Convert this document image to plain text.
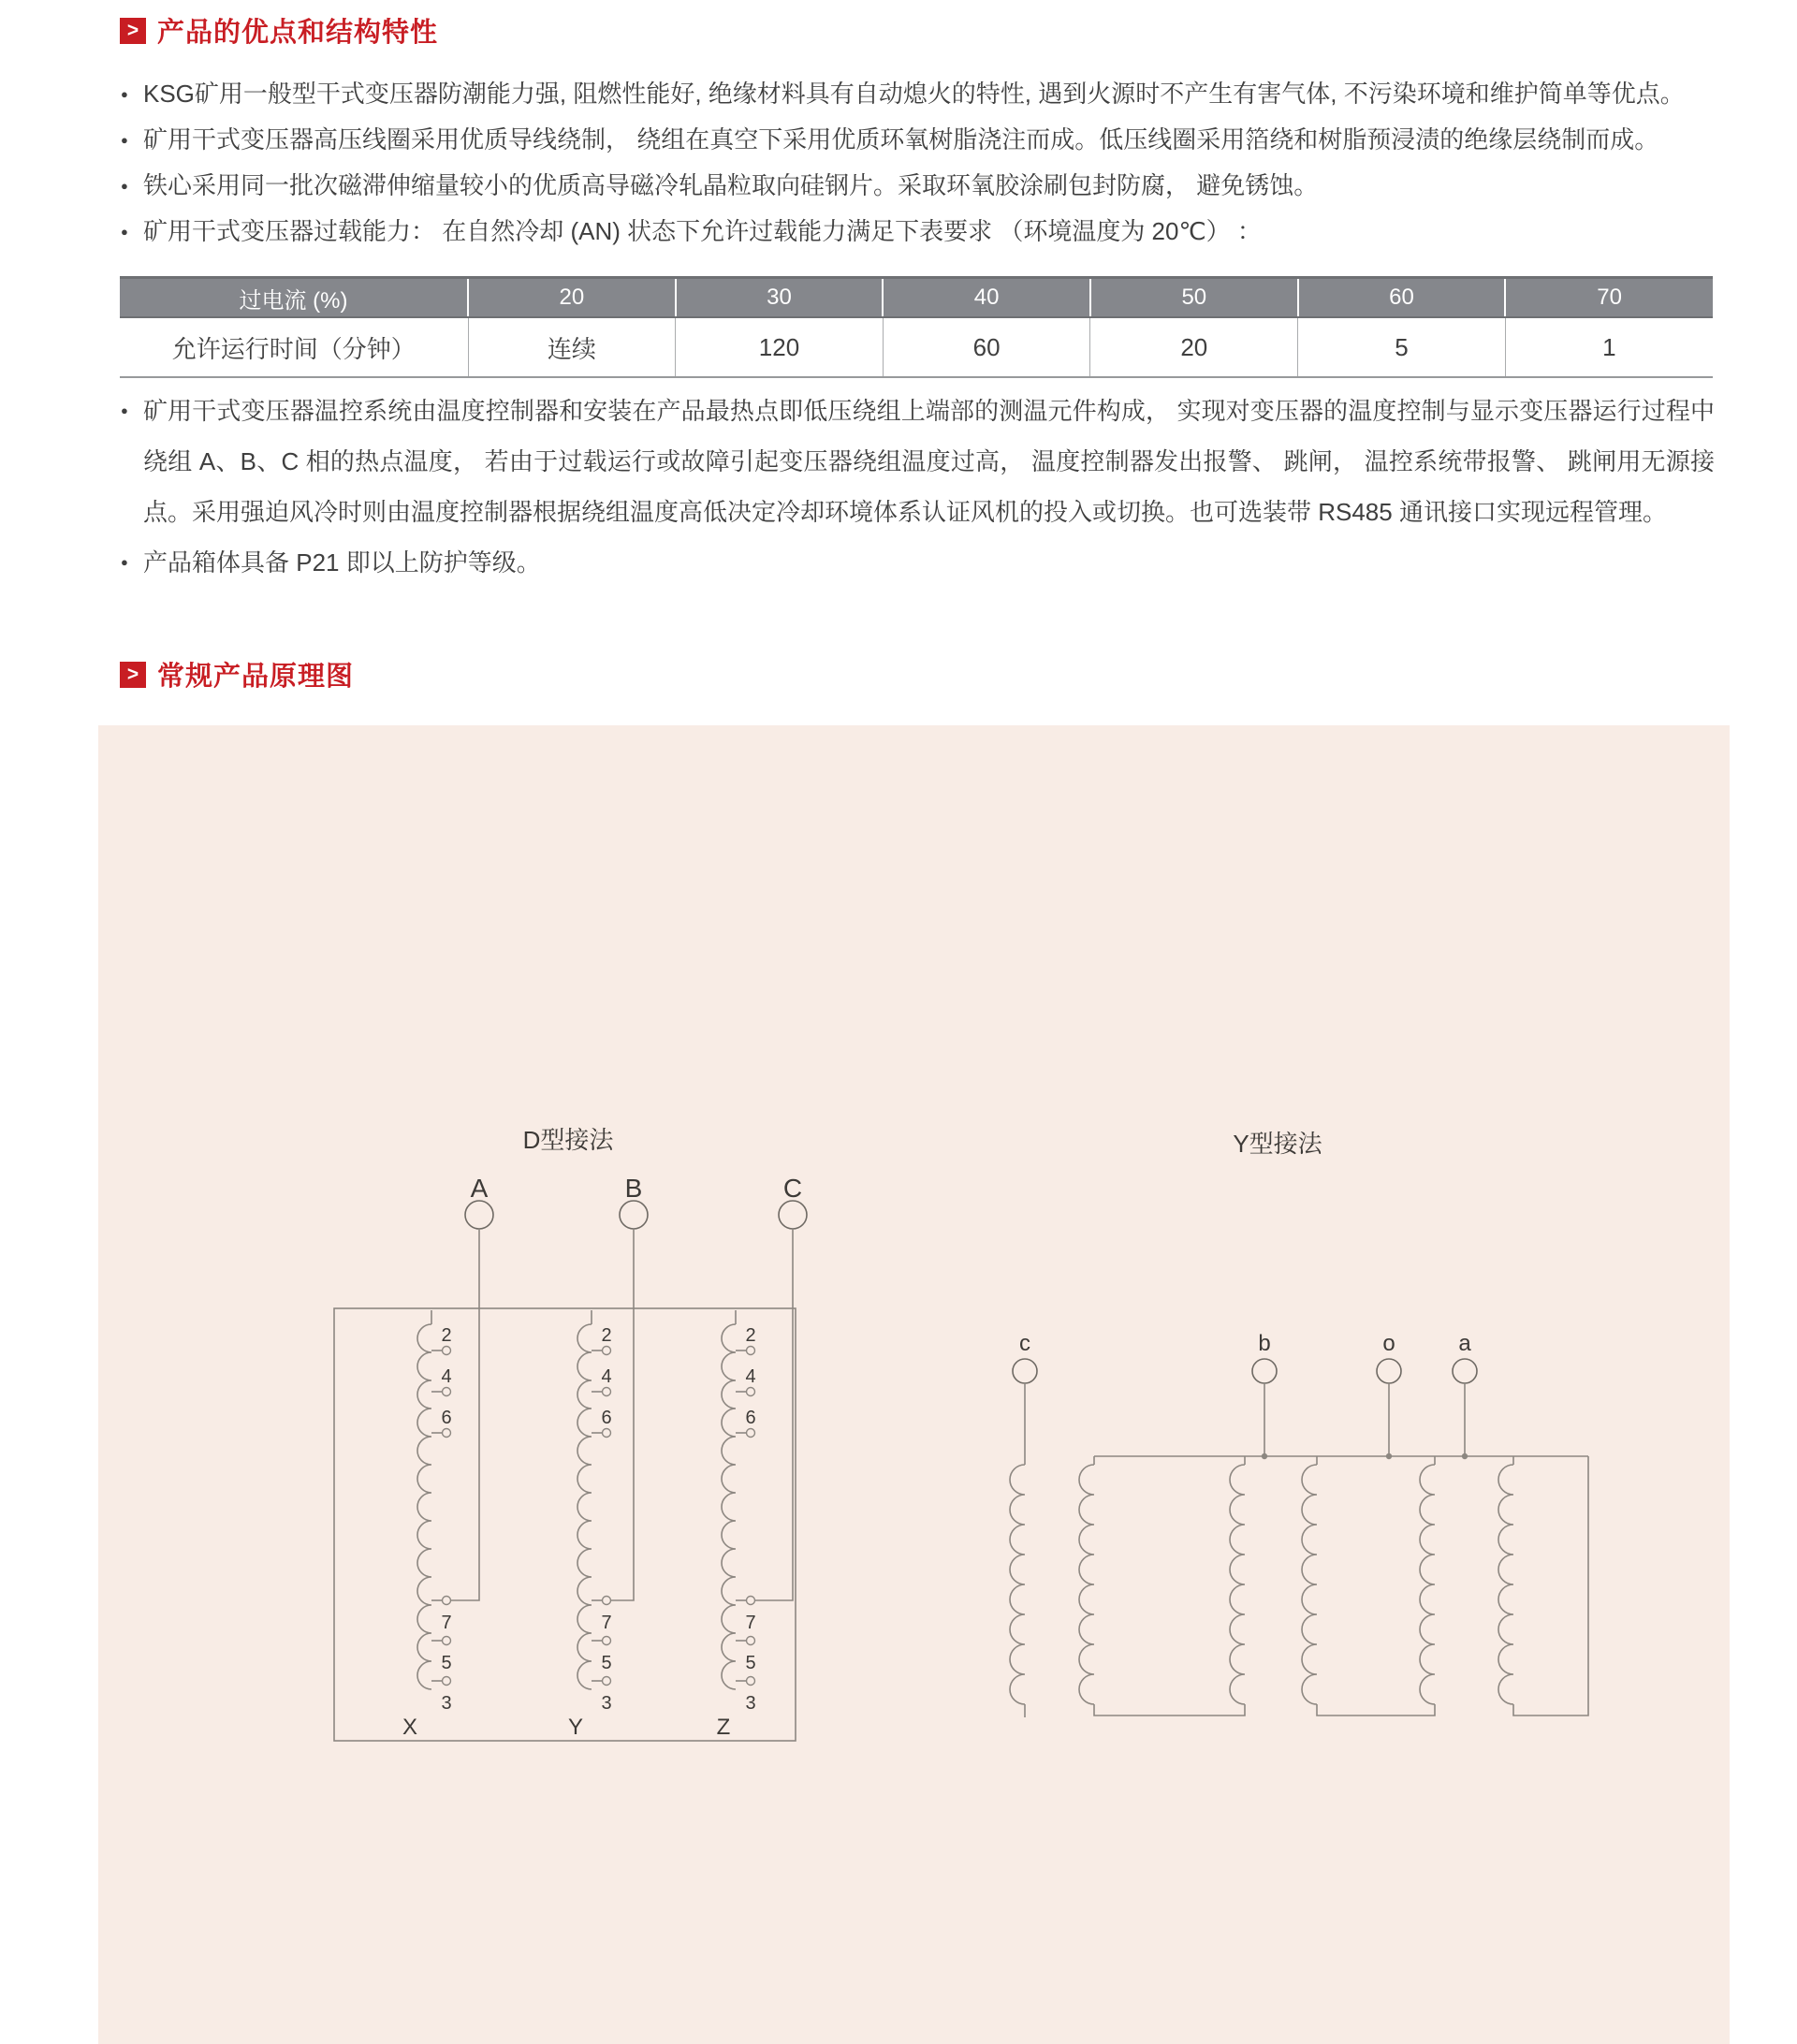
> 产品的优点和结构特性
● KSG矿用一般型干式变压器防潮能力强, 阻燃性能好, 绝缘材料具有自动熄火的特性, 遇到火源时不产生有害气体, 不污染环境和维护简单等优点。
● 矿用干式变压器高压线圈采用优质导线绕制， 绕组在真空下采用优质环氧树脂浇注而成。低压线圈采用箔绕和树脂预浸渍的绝缘层绕制而成。
● 铁心采用同一批次磁滞伸缩量较小的优质高导磁冷轧晶粒取向硅钢片。采取环氧胶涂刷包封防腐， 避免锈蚀。
● 矿用干式变压器过载能力： 在自然冷却 (AN) 状态下允许过载能力满足下表要求 （环境温度为 20℃） ：
过电流 (%)	20	30	40	50	60	70
允许运行时间（分钟）	连续	120	60	20	5	1

● 矿用干式变压器温控系统由温度控制器和安装在产品最热点即低压绕组上端部的测温元件构成， 实现对变压器的温度控制与显示变压器运行过程中绕组 A、B、C 相的热点温度， 若由于过载运行或故障引起变压器绕组温度过高， 温度控制器发出报警、 跳闸， 温控系统带报警、 跳闸用无源接点。采用强迫风冷时则由温度控制器根据绕组温度高低决定冷却环境体系认证风机的投入或切换。也可选装带 RS485 通讯接口实现远程管理。

● 产品箱体具备 P21 即以上防护等级。
> 常规产品原理图
D型接法
A	B	C
2
4
6
7
5
3
2
4
6
7
5
3
2
4
6
7
5
3
X	Y	Z
Y型接法
c	b	o	a
